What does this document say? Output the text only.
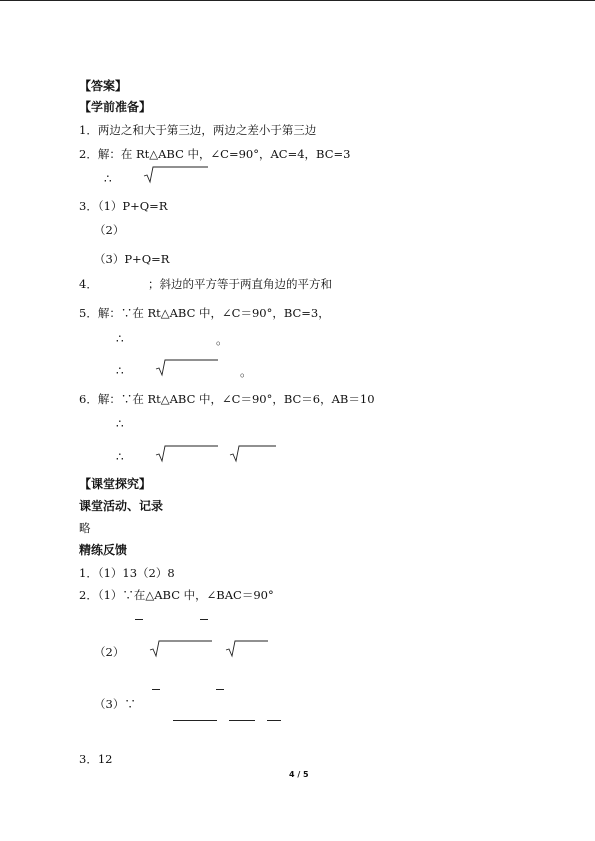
【答案】
【学前准备】
1．两边之和大于第三边，两边之差小于第三边
2．解：在 Rt△ABC 中，∠C=90°，AC=4，BC=3
∴
3．（1）P+Q=R
（2）
（3）P+Q=R
4．	；斜边的平方等于两直角边的平方和
5．解：∵在 Rt△ABC 中，∠C＝90°，BC=3，
∴	。
∴	。
6．解：∵在 Rt△ABC 中，∠C＝90°，BC＝6，AB＝10
∴
∴
【课堂探究】
课堂活动、记录
略
精练反馈
1．（1）13（2）8
2．（1）∵在△ABC 中，∠BAC＝90°
（2）
（3）∵
3．12
4 / 5
